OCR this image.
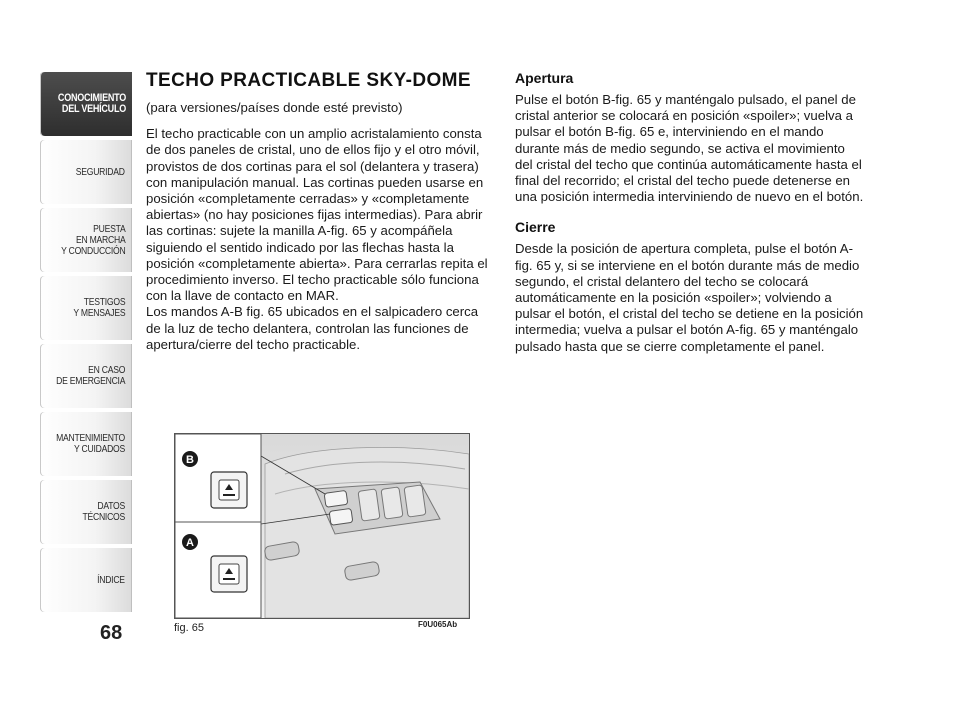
CONOCIMIENTO
DEL VEHÍCULO
SEGURIDAD
PUESTA
EN MARCHA
Y CONDUCCIÓN
TESTIGOS
Y MENSAJES
EN CASO
DE EMERGENCIA
MANTENIMIENTO
Y CUIDADOS
DATOS TÉCNICOS
ÍNDICE
68
TECHO PRACTICABLE SKY-DOME

(para versiones/países donde esté previsto)

El techo practicable con un amplio acristalamiento consta de dos paneles de cristal, uno de ellos fijo y el otro móvil, provistos de dos cortinas para el sol (delantera y trasera) con manipulación manual. Las cortinas pueden usarse en posición «completamente cerradas» y «completamente abiertas» (no hay posiciones fijas intermedias). Para abrir las cortinas: sujete la manilla A-fig. 65 y acompáñela siguiendo el sentido indicado por las flechas hasta la posición «completamente abierta». Para cerrarlas repita el procedimiento inverso. El techo practicable sólo funciona con la llave de contacto en MAR.

Los mandos A-B fig. 65 ubicados en el salpicadero cerca de la luz de techo delantera, controlan las funciones de apertura/cierre del techo practicable.

Apertura

Pulse el botón B-fig. 65 y manténgalo pulsado, el panel de cristal anterior se colocará en posición «spoiler»; vuelva a pulsar el botón B-fig. 65 e, interviniendo en el mando durante más de medio segundo, se activa el movimiento del cristal del techo que continúa automáticamente hasta el final del recorrido; el cristal del techo puede detenerse en una posición intermedia interviniendo de nuevo en el botón.

Cierre

Desde la posición de apertura completa, pulse el botón A-fig. 65 y, si se interviene en el botón durante más de medio segundo, el cristal delantero del techo se colocará automáticamente en la posición «spoiler»; volviendo a pulsar el botón, el cristal del techo se detiene en la posición intermedia; vuelva a pulsar el botón A-fig. 65 y manténgalo pulsado hasta que se cierre completamente el panel.

B
A
fig. 65	F0U065Ab
